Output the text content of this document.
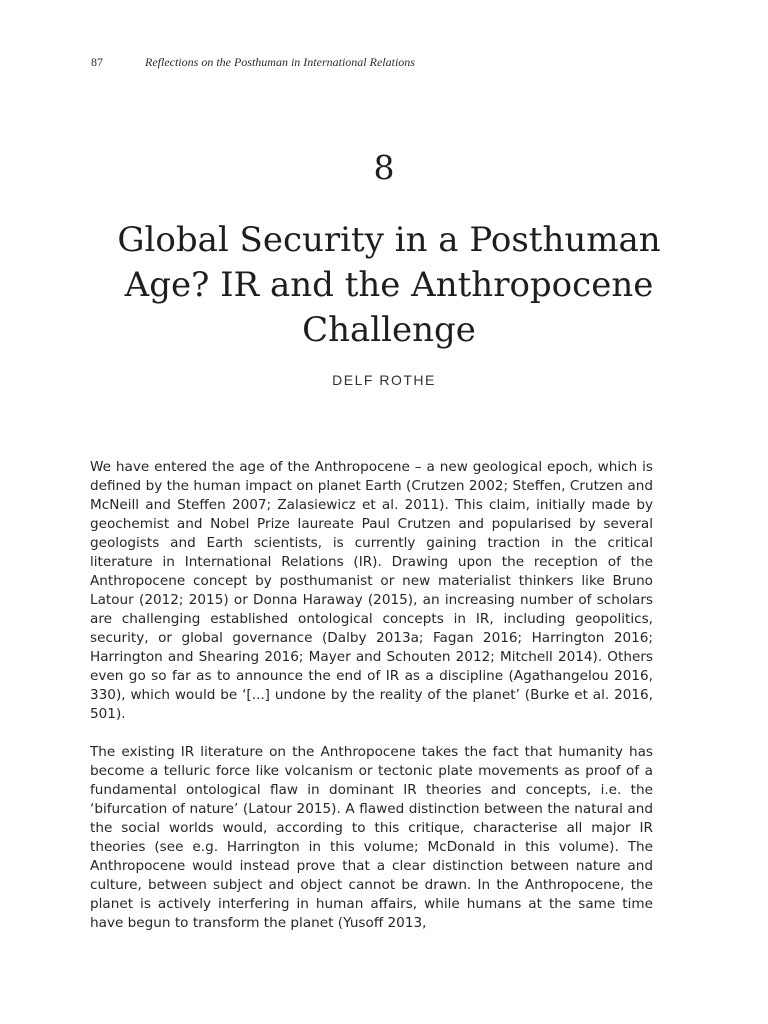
87	Reflections on the Posthuman in International Relations
8
Global Security in a Posthuman
Age? IR and the Anthropocene
Challenge
DELF ROTHE

We have entered the age of the Anthropocene – a new geological epoch, which is defined by the human impact on planet Earth (Crutzen 2002; Steffen, Crutzen and McNeill and Steffen 2007; Zalasiewicz et al. 2011). This claim, initially made by geochemist and Nobel Prize laureate Paul Crutzen and popularised by several geologists and Earth scientists, is currently gaining traction in the critical literature in International Relations (IR). Drawing upon the reception of the Anthropocene concept by posthumanist or new materialist thinkers like Bruno Latour (2012; 2015) or Donna Haraway (2015), an increasing number of scholars are challenging established ontological concepts in IR, including geopolitics, security, or global governance (Dalby 2013a; Fagan 2016; Harrington 2016; Harrington and Shearing 2016; Mayer and Schouten 2012; Mitchell 2014). Others even go so far as to announce the end of IR as a discipline (Agathangelou 2016, 330), which would be ‘[...] undone by the reality of the planet’ (Burke et al. 2016, 501).

The existing IR literature on the Anthropocene takes the fact that humanity has become a telluric force like volcanism or tectonic plate movements as proof of a fundamental ontological flaw in dominant IR theories and concepts, i.e. the ‘bifurcation of nature’ (Latour 2015). A flawed distinction between the natural and the social worlds would, according to this critique, characterise all major IR theories (see e.g. Harrington in this volume; McDonald in this volume). The Anthropocene would instead prove that a clear distinction between nature and culture, between subject and object cannot be drawn. In the Anthropocene, the planet is actively interfering in human affairs, while humans at the same time have begun to transform the planet (Yusoff 2013,
